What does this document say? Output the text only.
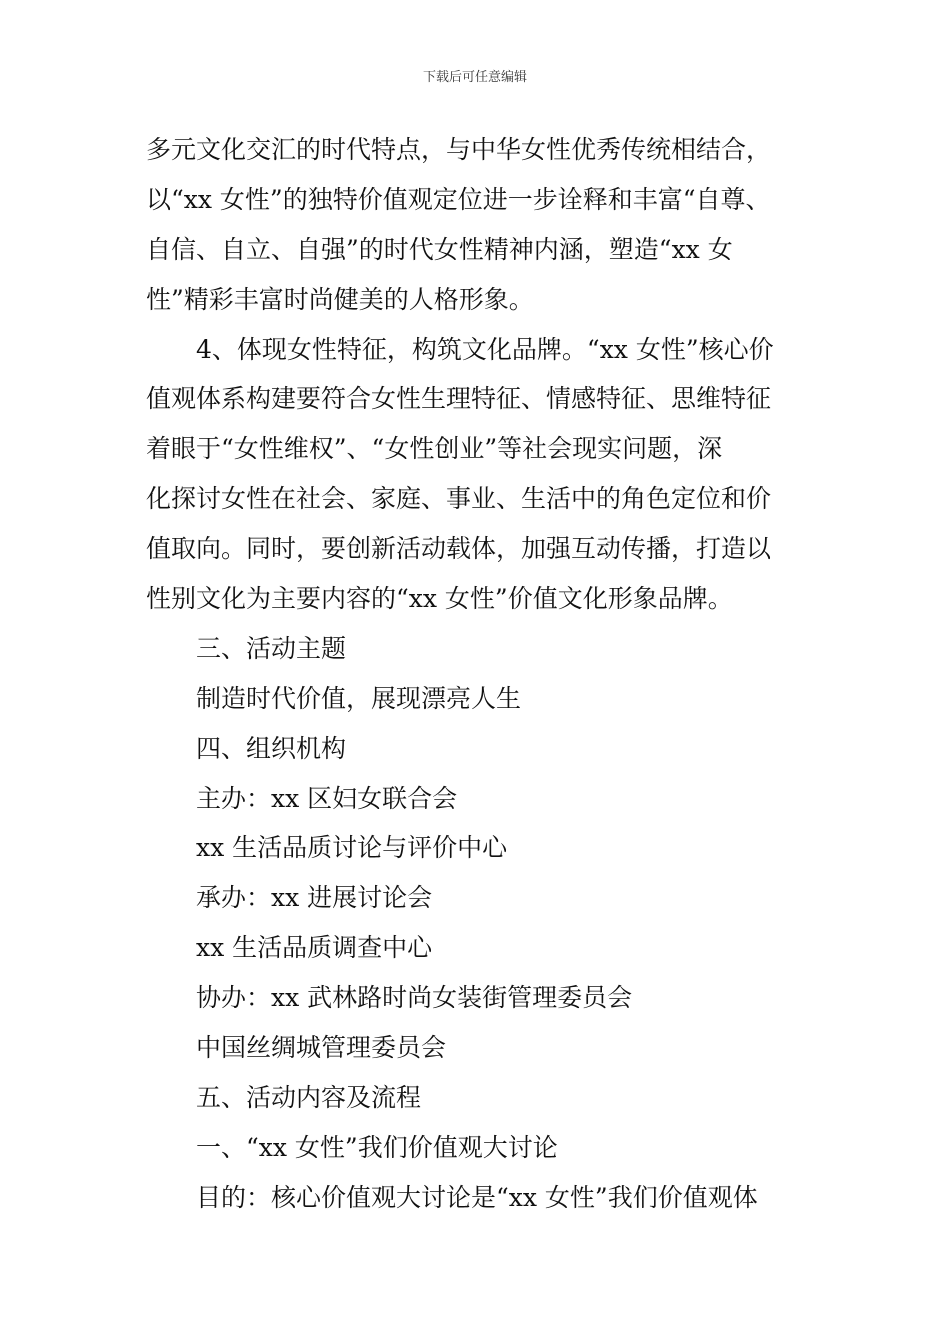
下载后可任意编辑
多元文化交汇的时代特点，与中华女性优秀传统相结合，
以“xx 女性”的独特价值观定位进一步诠释和丰富“自尊、
自信、自立、自强”的时代女性精神内涵，塑造“xx 女
性”精彩丰富时尚健美的人格形象。
4、体现女性特征，构筑文化品牌。“xx 女性”核心价
值观体系构建要符合女性生理特征、情感特征、思维特征
着眼于“女性维权”、“女性创业”等社会现实问题，深
化探讨女性在社会、家庭、事业、生活中的角色定位和价
值取向。同时，要创新活动载体，加强互动传播，打造以
性别文化为主要内容的“xx 女性”价值文化形象品牌。
三、活动主题
制造时代价值，展现漂亮人生
四、组织机构
主办：xx 区妇女联合会
xx 生活品质讨论与评价中心
承办：xx 进展讨论会
xx 生活品质调查中心
协办：xx 武林路时尚女装街管理委员会
中国丝绸城管理委员会
五、活动内容及流程
一、“xx 女性”我们价值观大讨论
目的：核心价值观大讨论是“xx 女性”我们价值观体
